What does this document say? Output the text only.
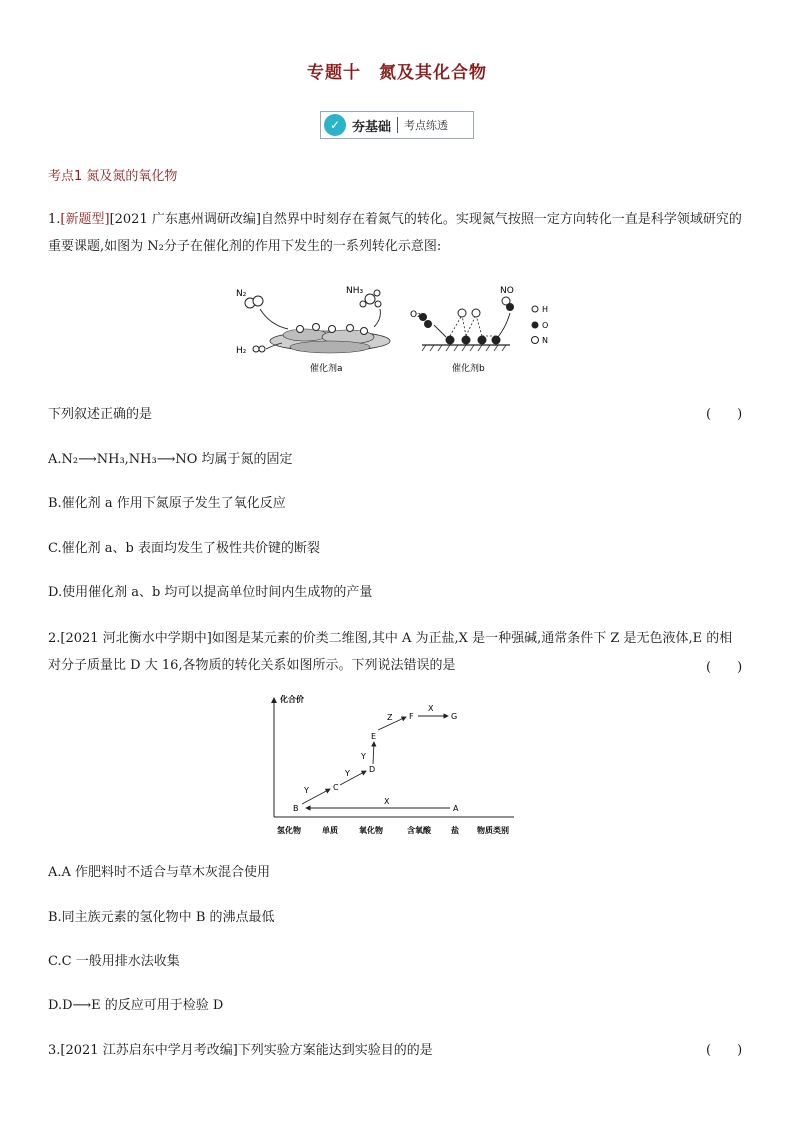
专题十　氮及其化合物
✓ 夯基础 考点练透
考点1 氮及氮的氧化物
1.[新题型][2021 广东惠州调研改编]自然界中时刻存在着氮气的转化。实现氮气按照一定方向转化一直是科学领域研究的重要课题,如图为 N₂分子在催化剂的作用下发生的一系列转化示意图:
N₂	NH₃
H₂
催化剂a
O₂
NO
催化剂b
H
O
N
下列叙述正确的是	(　　)
A.N₂⟶NH₃,NH₃⟶NO 均属于氮的固定
B.催化剂 a 作用下氮原子发生了氧化反应
C.催化剂 a、b 表面均发生了极性共价键的断裂
D.使用催化剂 a、b 均可以提高单位时间内生成物的产量
2.[2021 河北衡水中学期中]如图是某元素的价类二维图,其中 A 为正盐,X 是一种强碱,通常条件下 Z 是无色液体,E 的相对分子质量比 D 大 16,各物质的转化关系如图所示。下列说法错误的是	(　　)
化合价
氢化物	单质	氧化物	含氧酸	盐 物质类别
A
B
C
D
E
F	G
X
Y
Y
Y
Z
X
A.A 作肥料时不适合与草木灰混合使用
B.同主族元素的氢化物中 B 的沸点最低
C.C 一般用排水法收集
D.D⟶E 的反应可用于检验 D
3.[2021 江苏启东中学月考改编]下列实验方案能达到实验目的的是	(　　)
